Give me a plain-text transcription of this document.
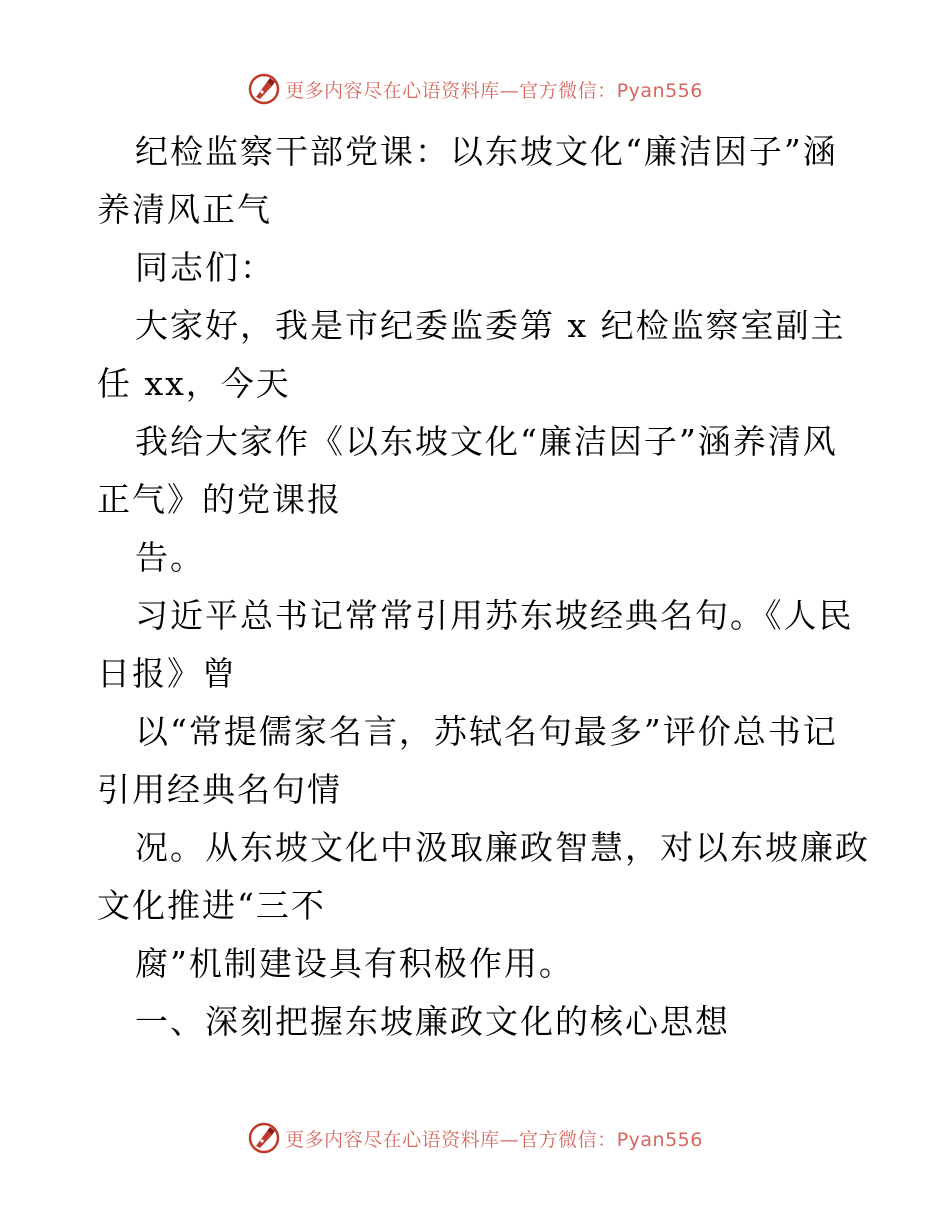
更多内容尽在心语资料库—官方微信：Pyan556
纪检监察干部党课：以东坡文化“廉洁因子”涵
养清风正气
同志们：
大家好，我是市纪委监委第 x 纪检监察室副主
任 xx，今天
我给大家作《以东坡文化“廉洁因子”涵养清风
正气》的党课报
告。
习近平总书记常常引用苏东坡经典名句。《人民
日报》曾
以“常提儒家名言，苏轼名句最多”评价总书记
引用经典名句情
况。从东坡文化中汲取廉政智慧，对以东坡廉政
文化推进“三不
腐”机制建设具有积极作用。
一、深刻把握东坡廉政文化的核心思想
更多内容尽在心语资料库—官方微信：Pyan556
